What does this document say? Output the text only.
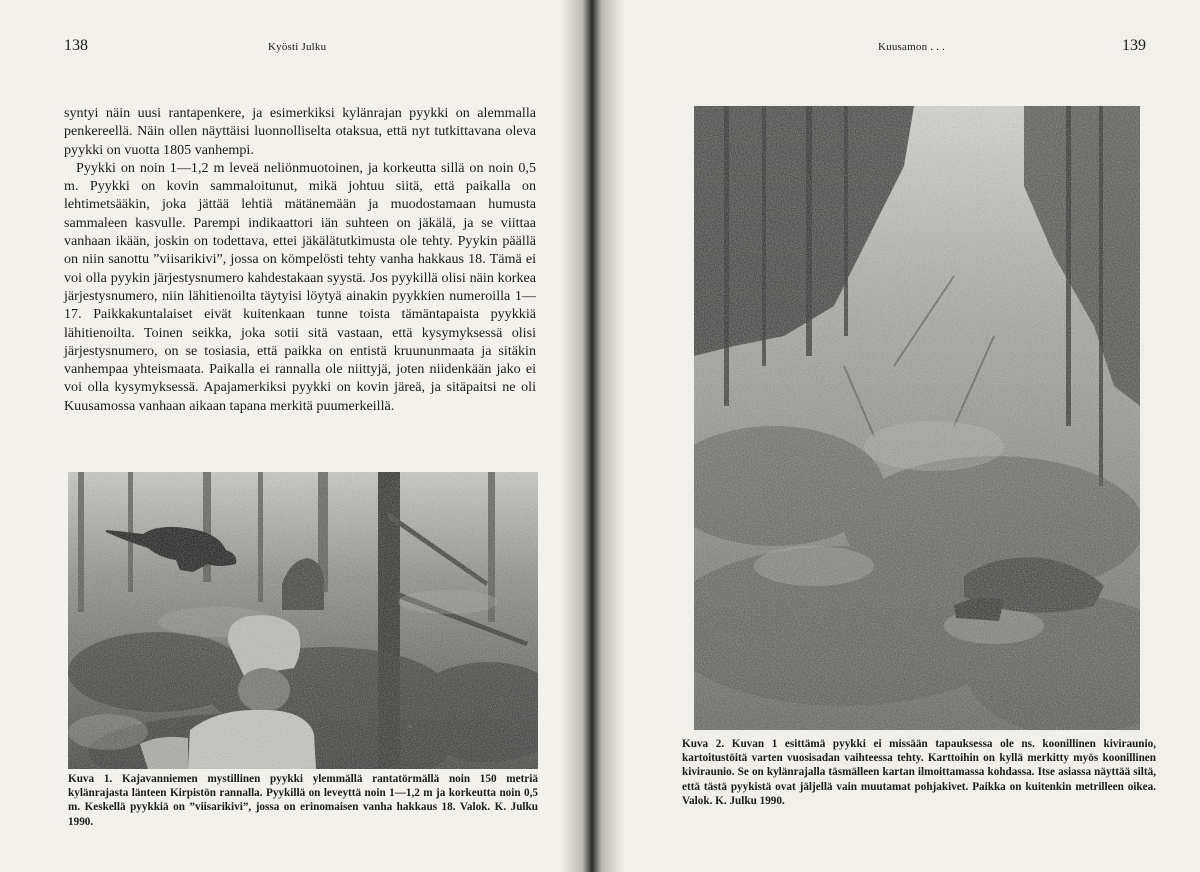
138	Kyösti Julku

syntyi näin uusi rantapenkere, ja esimerkiksi kylänrajan pyykki on alemmalla penkereellä. Näin ollen näyttäisi luonnolliselta otaksua, että nyt tutkittavana oleva pyykki on vuotta 1805 vanhempi.

Pyykki on noin 1—1,2 m leveä neliönmuotoinen, ja korkeutta sillä on noin 0,5 m. Pyykki on kovin sammaloitunut, mikä johtuu siitä, että paikalla on lehtimetsääkin, joka jättää lehtiä mätänemään ja muodostamaan humusta sammaleen kasvulle. Parempi indikaattori iän suhteen on jäkälä, ja se viittaa vanhaan ikään, joskin on todettava, ettei jäkälätutkimusta ole tehty. Pyykin päällä on niin sanottu ”viisarikivi”, jossa on kömpelösti tehty vanha hakkaus 18. Tämä ei voi olla pyykin järjestysnumero kahdestakaan syystä. Jos pyykillä olisi näin korkea järjestysnumero, niin lähitienoilta täytyisi löytyä ainakin pyykkien numeroilla 1—17. Paikkakuntalaiset eivät kuitenkaan tunne toista tämäntapaista pyykkiä lähitienoilta. Toinen seikka, joka sotii sitä vastaan, että kysymyksessä olisi järjestysnumero, on se tosiasia, että paikka on entistä kruununmaata ja sitäkin vanhempaa yhteismaata. Paikalla ei rannalla ole niittyjä, joten niidenkään jako ei voi olla kysymyksessä. Apajamerkiksi pyykki on kovin järeä, ja sitäpaitsi ne oli Kuusamossa vanhaan aikaan tapana merkitä puumerkeillä.

Kuva 1. Kajavanniemen mystillinen pyykki ylemmällä rantatörmällä noin 150 metriä kylänrajasta länteen Kirpistön rannalla. Pyykillä on leveyttä noin 1—1,2 m ja korkeutta noin 0,5 m. Keskellä pyykkiä on ”viisarikivi”, jossa on erinomaisen vanha hakkaus 18. Valok. K. Julku 1990.

Kuusamon . . .	139

Kuva 2. Kuvan 1 esittämä pyykki ei missään tapauksessa ole ns. koonillinen kiviraunio, kartoitustöitä varten vuosisadan vaihteessa tehty. Karttoihin on kyllä merkitty myös koonillinen kiviraunio. Se on kylänrajalla täsmälleen kartan ilmoittamassa kohdassa. Itse asiassa näyttää siltä, että tästä pyykistä ovat jäljellä vain muutamat pohjakivet. Paikka on kuitenkin metrilleen oikea. Valok. K. Julku 1990.
